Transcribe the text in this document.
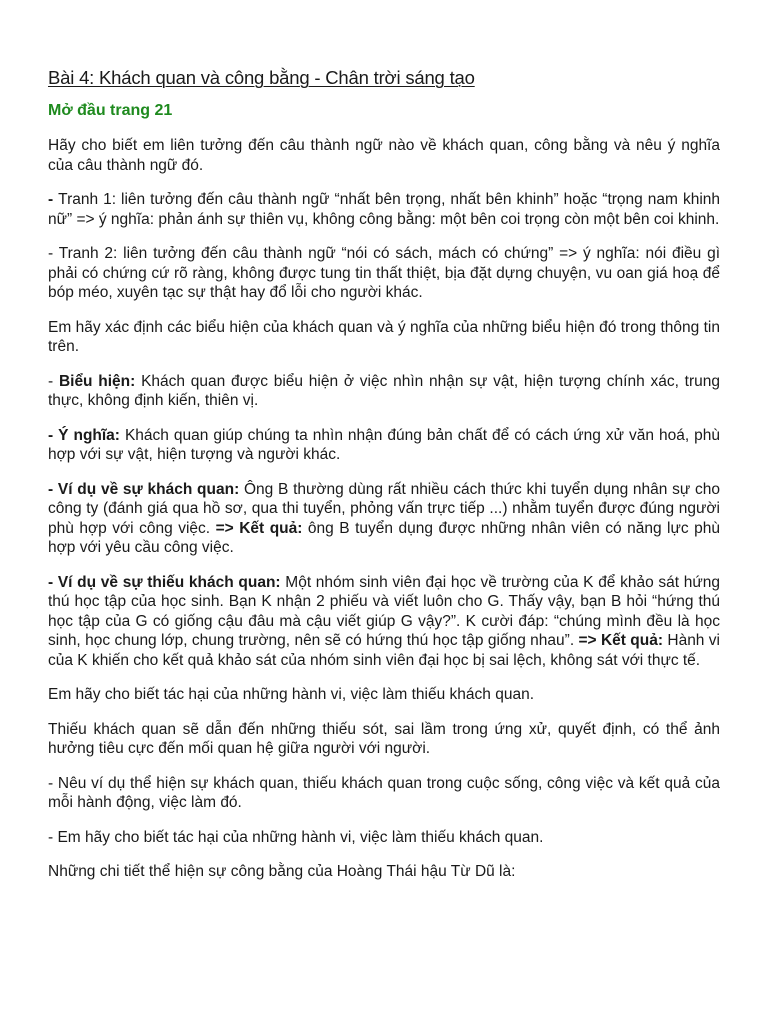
Bài 4: Khách quan và công bằng - Chân trời sáng tạo
Mở đầu trang 21

Hãy cho biết em liên tưởng đến câu thành ngữ nào về khách quan, công bằng và nêu ý nghĩa của câu thành ngữ đó.

- Tranh 1: liên tưởng đến câu thành ngữ “nhất bên trọng, nhất bên khinh” hoặc “trọng nam khinh nữ” => ý nghĩa: phản ánh sự thiên vụ, không công bằng: một bên coi trọng còn một bên coi khinh.

- Tranh 2: liên tưởng đến câu thành ngữ “nói có sách, mách có chứng” => ý nghĩa: nói điều gì phải có chứng cứ rõ ràng, không được tung tin thất thiệt, bịa đặt dựng chuyện, vu oan giá hoạ để bóp méo, xuyên tạc sự thật hay đổ lỗi cho người khác.

Em hãy xác định các biểu hiện của khách quan và ý nghĩa của những biểu hiện đó trong thông tin trên.

- Biểu hiện: Khách quan được biểu hiện ở việc nhìn nhận sự vật, hiện tượng chính xác, trung thực, không định kiến, thiên vị.

- Ý nghĩa: Khách quan giúp chúng ta nhìn nhận đúng bản chất để có cách ứng xử văn hoá, phù hợp với sự vật, hiện tượng và người khác.

- Ví dụ về sự khách quan: Ông B thường dùng rất nhiều cách thức khi tuyển dụng nhân sự cho công ty (đánh giá qua hồ sơ, qua thi tuyển, phỏng vấn trực tiếp ...) nhằm tuyển được đúng người phù hợp với công việc. => Kết quả: ông B tuyển dụng được những nhân viên có năng lực phù hợp với yêu cầu công việc.

- Ví dụ về sự thiếu khách quan: Một nhóm sinh viên đại học về trường của K để khảo sát hứng thú học tập của học sinh. Bạn K nhận 2 phiếu và viết luôn cho G. Thấy vậy, bạn B hỏi “hứng thú học tập của G có giống cậu đâu mà cậu viết giúp G vậy?”. K cười đáp: “chúng mình đều là học sinh, học chung lớp, chung trường, nên sẽ có hứng thú học tập giống nhau”. => Kết quả: Hành vi của K khiến cho kết quả khảo sát của nhóm sinh viên đại học bị sai lệch, không sát với thực tế.

Em hãy cho biết tác hại của những hành vi, việc làm thiếu khách quan.

Thiếu khách quan sẽ dẫn đến những thiếu sót, sai lầm trong ứng xử, quyết định, có thể ảnh hưởng tiêu cực đến mối quan hệ giữa người với người.

- Nêu ví dụ thể hiện sự khách quan, thiếu khách quan trong cuộc sống, công việc và kết quả của mỗi hành động, việc làm đó.

- Em hãy cho biết tác hại của những hành vi, việc làm thiếu khách quan.

Những chi tiết thể hiện sự công bằng của Hoàng Thái hậu Từ Dũ là:
